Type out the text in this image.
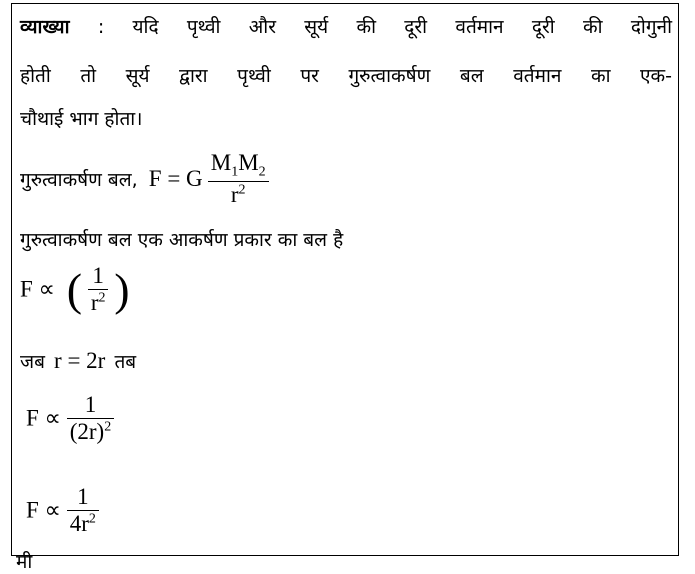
व्याख्या : यदि पृथ्वी और सूर्य की दूरी वर्तमान दूरी की दोगुनी
होती तो सूर्य द्वारा पृथ्वी पर गुरुत्वाकर्षण बल वर्तमान का एक-
चौथाई भाग होता।
गुरुत्वाकर्षण बल, F = G $\frac{M_1M_2}{r^2}$
गुरुत्वाकर्षण बल एक आकर्षण प्रकार का बल है
F ∝ ( $\frac{1}{r^2}$ )
जब r = 2r तब
$F \propto \frac{1}{(2r)^2}$
$F \propto \frac{1}{4r^2}$
मी
